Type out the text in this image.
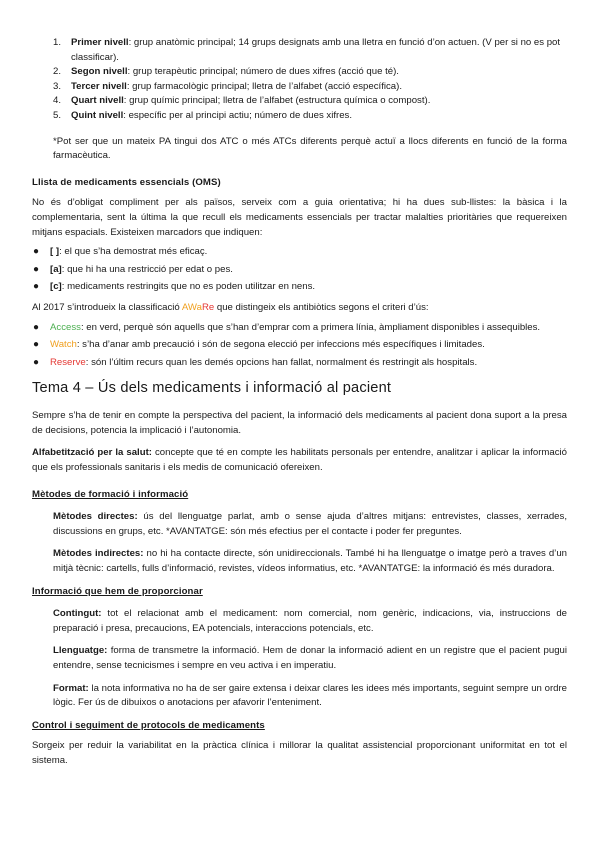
1. Primer nivell: grup anatòmic principal; 14 grups designats amb una lletra en funció d’on actuen. (V per si no es pot classificar).
2. Segon nivell: grup terapèutic principal; número de dues xifres (acció que té).
3. Tercer nivell: grup farmacològic principal; lletra de l’alfabet (acció específica).
4. Quart nivell: grup químic principal; lletra de l’alfabet (estructura química o compost).
5. Quint nivell: específic per al principi actiu; número de dues xifres.

*Pot ser que un mateix PA tingui dos ATC o més ATCs diferents perquè actuï a llocs diferents en funció de la forma farmacèutica.

Llista de medicaments essencials (OMS)

No és d’obligat compliment per als països, serveix com a guia orientativa; hi ha dues sub-llistes: la bàsica i la complementaria, sent la última la que recull els medicaments essencials per tractar malalties prioritàries que requereixen mitjans espacials. Existeixen marcadors que indiquen:

● [ ]: el que s’ha demostrat més eficaç.
● [a]: que hi ha una restricció per edat o pes.
● [c]: medicaments restringits que no es poden utilitzar en nens.

Al 2017 s’introdueix la classificació AWaRe que distingeix els antibiòtics segons el criteri d’ús:

● Access: en verd, perquè són aquells que s’han d’emprar com a primera línia, àmpliament disponibles i assequibles.
● Watch: s’ha d’anar amb precaució i són de segona elecció per infeccions més específiques i limitades.
● Reserve: són l’últim recurs quan les demés opcions han fallat, normalment és restringit als hospitals.
Tema 4 – Ús dels medicaments i informació al pacient

Sempre s’ha de tenir en compte la perspectiva del pacient, la informació dels medicaments al pacient dona suport a la presa de decisions, potencia la implicació i l’autonomia.

Alfabetització per la salut: concepte que té en compte les habilitats personals per entendre, analitzar i aplicar la informació que els professionals sanitaris i els medis de comunicació ofereixen.

Mètodes de formació i informació

Mètodes directes: ús del llenguatge parlat, amb o sense ajuda d’altres mitjans: entrevistes, classes, xerrades, discussions en grups, etc. *AVANTATGE: són més efectius per el contacte i poder fer preguntes.

Mètodes indirectes: no hi ha contacte directe, són unidireccionals. També hi ha llenguatge o imatge però a traves d’un mitjà tècnic: cartells, fulls d’informació, revistes, vídeos informatius, etc. *AVANTATGE: la informació és més duradora.

Informació que hem de proporcionar

Contingut: tot el relacionat amb el medicament: nom comercial, nom genèric, indicacions, via, instruccions de preparació i presa, precaucions, EA potencials, interaccions potencials, etc.

Llenguatge: forma de transmetre la informació. Hem de donar la informació adient en un registre que el pacient pugui entendre, sense tecnicismes i sempre en veu activa i en imperatiu.

Format: la nota informativa no ha de ser gaire extensa i deixar clares les idees més importants, seguint sempre un ordre lògic. Fer ús de dibuixos o anotacions per afavorir l’enteniment.

Control i seguiment de protocols de medicaments

Sorgeix per reduir la variabilitat en la pràctica clínica i millorar la qualitat assistencial proporcionant uniformitat en tot el sistema.
